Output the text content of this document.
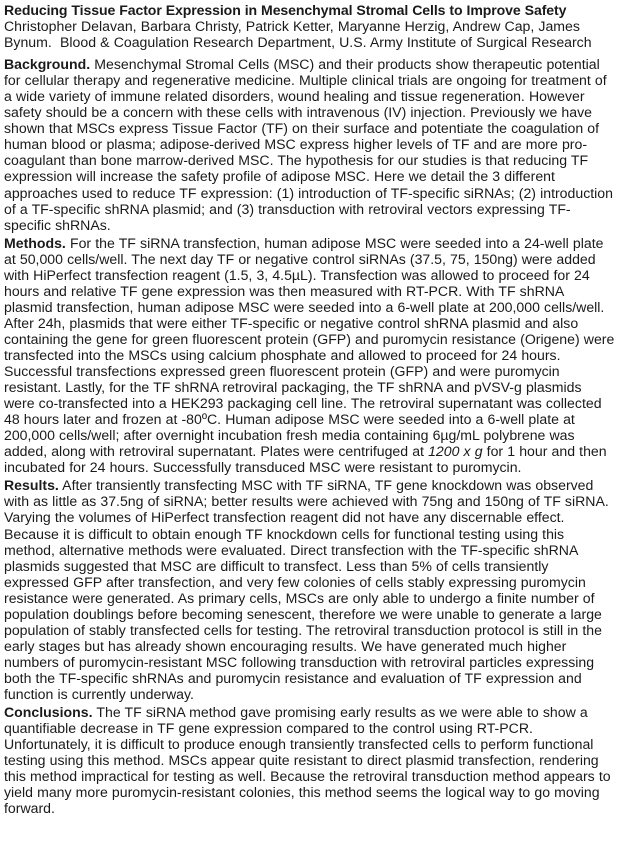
Reducing Tissue Factor Expression in Mesenchymal Stromal Cells to Improve Safety
Christopher Delavan, Barbara Christy, Patrick Ketter, Maryanne Herzig, Andrew Cap, James Bynum. Blood & Coagulation Research Department, U.S. Army Institute of Surgical Research
Background. Mesenchymal Stromal Cells (MSC) and their products show therapeutic potential for cellular therapy and regenerative medicine. Multiple clinical trials are ongoing for treatment of a wide variety of immune related disorders, wound healing and tissue regeneration. However safety should be a concern with these cells with intravenous (IV) injection. Previously we have shown that MSCs express Tissue Factor (TF) on their surface and potentiate the coagulation of human blood or plasma; adipose-derived MSC express higher levels of TF and are more pro-coagulant than bone marrow-derived MSC. The hypothesis for our studies is that reducing TF expression will increase the safety profile of adipose MSC. Here we detail the 3 different approaches used to reduce TF expression: (1) introduction of TF-specific siRNAs; (2) introduction of a TF-specific shRNA plasmid; and (3) transduction with retroviral vectors expressing TF-specific shRNAs.
Methods. For the TF siRNA transfection, human adipose MSC were seeded into a 24-well plate at 50,000 cells/well. The next day TF or negative control siRNAs (37.5, 75, 150ng) were added with HiPerfect transfection reagent (1.5, 3, 4.5µL). Transfection was allowed to proceed for 24 hours and relative TF gene expression was then measured with RT-PCR. With TF shRNA plasmid transfection, human adipose MSC were seeded into a 6-well plate at 200,000 cells/well. After 24h, plasmids that were either TF-specific or negative control shRNA plasmid and also containing the gene for green fluorescent protein (GFP) and puromycin resistance (Origene) were transfected into the MSCs using calcium phosphate and allowed to proceed for 24 hours. Successful transfections expressed green fluorescent protein (GFP) and were puromycin resistant. Lastly, for the TF shRNA retroviral packaging, the TF shRNA and pVSV-g plasmids were co-transfected into a HEK293 packaging cell line. The retroviral supernatant was collected 48 hours later and frozen at -80ºC. Human adipose MSC were seeded into a 6-well plate at 200,000 cells/well; after overnight incubation fresh media containing 6µg/mL polybrene was added, along with retroviral supernatant. Plates were centrifuged at 1200 x g for 1 hour and then incubated for 24 hours. Successfully transduced MSC were resistant to puromycin.
Results. After transiently transfecting MSC with TF siRNA, TF gene knockdown was observed with as little as 37.5ng of siRNA; better results were achieved with 75ng and 150ng of TF siRNA. Varying the volumes of HiPerfect transfection reagent did not have any discernable effect. Because it is difficult to obtain enough TF knockdown cells for functional testing using this method, alternative methods were evaluated. Direct transfection with the TF-specific shRNA plasmids suggested that MSC are difficult to transfect. Less than 5% of cells transiently expressed GFP after transfection, and very few colonies of cells stably expressing puromycin resistance were generated. As primary cells, MSCs are only able to undergo a finite number of population doublings before becoming senescent, therefore we were unable to generate a large population of stably transfected cells for testing. The retroviral transduction protocol is still in the early stages but has already shown encouraging results. We have generated much higher numbers of puromycin-resistant MSC following transduction with retroviral particles expressing both the TF-specific shRNAs and puromycin resistance and evaluation of TF expression and function is currently underway.
Conclusions. The TF siRNA method gave promising early results as we were able to show a quantifiable decrease in TF gene expression compared to the control using RT-PCR. Unfortunately, it is difficult to produce enough transiently transfected cells to perform functional testing using this method. MSCs appear quite resistant to direct plasmid transfection, rendering this method impractical for testing as well. Because the retroviral transduction method appears to yield many more puromycin-resistant colonies, this method seems the logical way to go moving forward.
